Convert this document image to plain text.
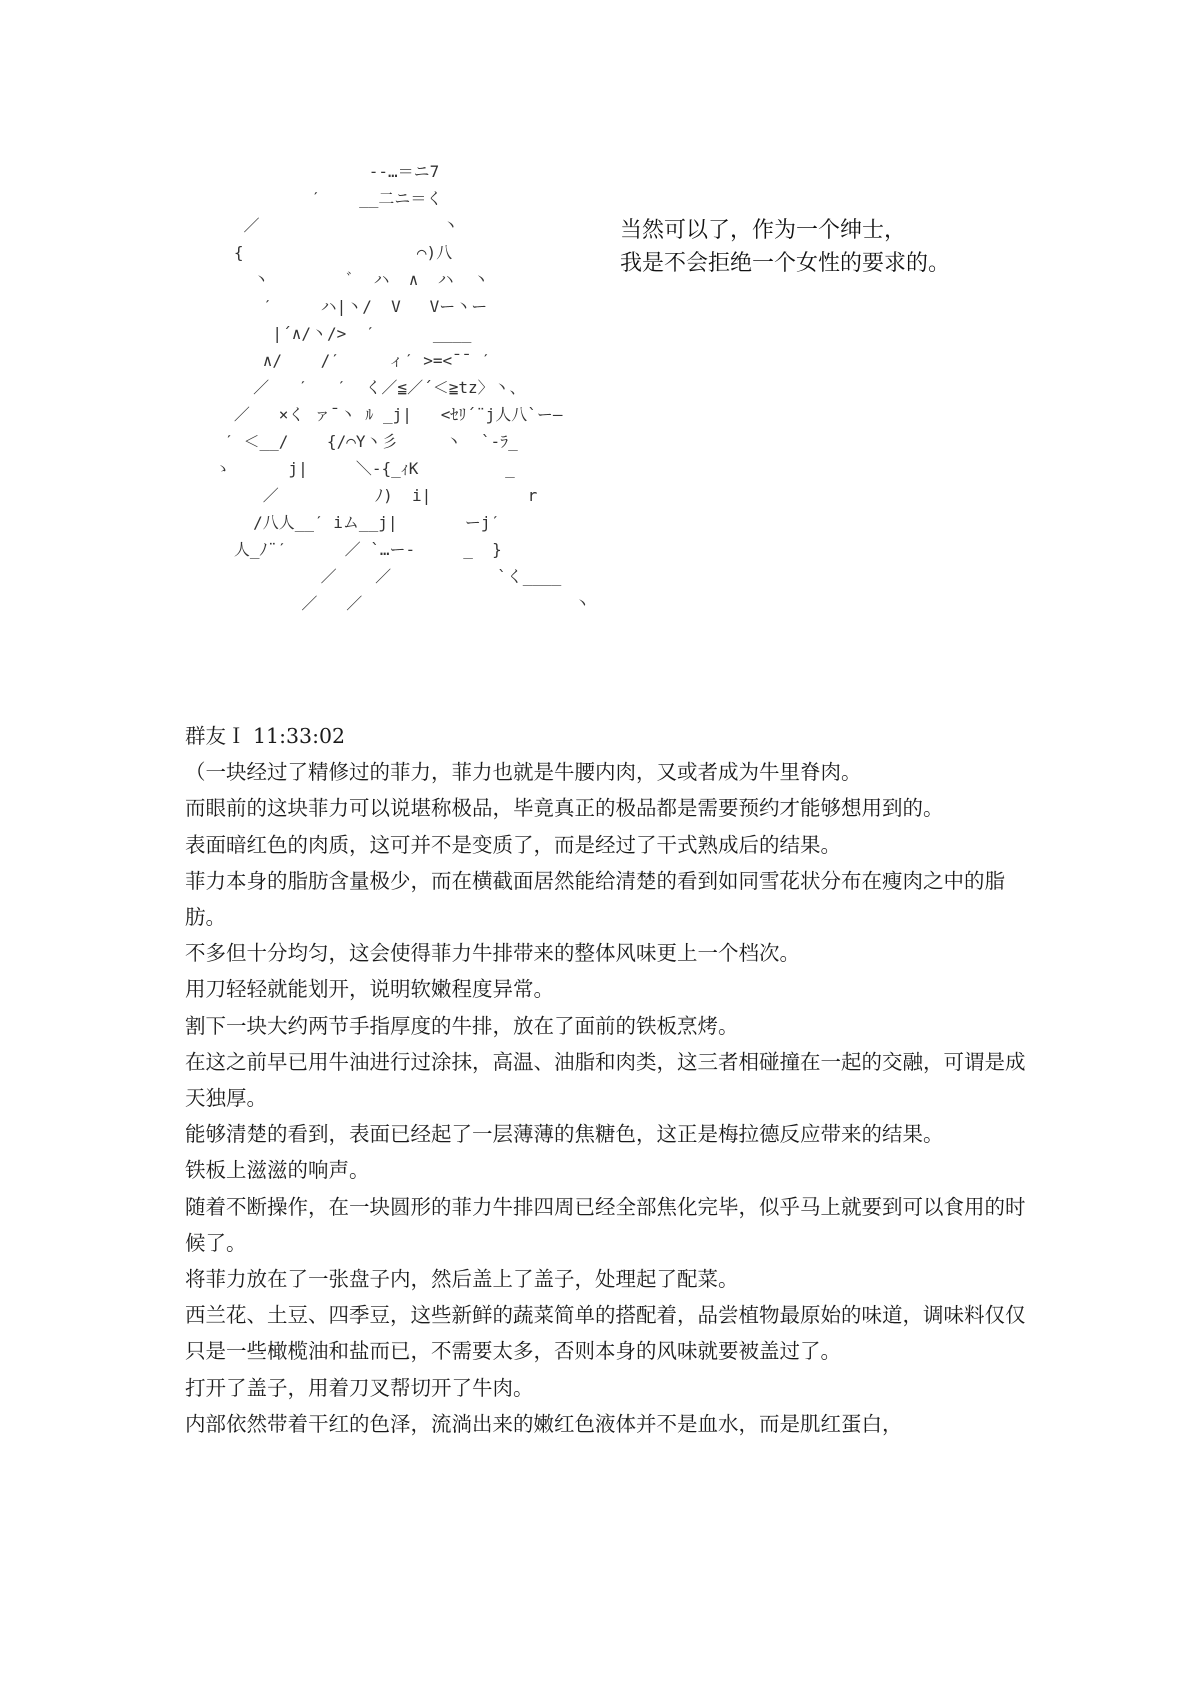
-‐…＝ニ7
ˊ    __二ニ＝く
／                   丶
{                  ⌒)八
丶        ﾞ  ハ  ∧  ハ  丶
ˊ     ハ|丶/  V   Vー丶ー
|´∧/丶/>  ˊ      ____
∧/    /ˊ     ィˊ >=<¯¯ ˊ
／   ˊ   ˊ  く／≦／´＜≧tz〉丶、
／   ×く ァ¯丶 ﾙ _j|   <ｾﾘ´¨j人八`ー―
ˊ ＜__/    {/⌒Y丶彡     丶  `-ﾗ_
ゝ      j|     ＼-{_ｨK         _
／          ﾉ)  i|          r
/八人__ˊ iム__j|       ーjˊ
人_ﾉ¨ˊ      ／ `…ー-     _  }
／    ／           `く____
／   ／                      丶
当然可以了，作为一个绅士，
我是不会拒绝一个女性的要求的。
群友Ｉ 11:33:02

（一块经过了精修过的菲力，菲力也就是牛腰内肉，又或者成为牛里脊肉。

而眼前的这块菲力可以说堪称极品，毕竟真正的极品都是需要预约才能够想用到的。

表面暗红色的肉质，这可并不是变质了，而是经过了干式熟成后的结果。

菲力本身的脂肪含量极少，而在横截面居然能给清楚的看到如同雪花状分布在瘦肉之中的脂肪。

不多但十分均匀，这会使得菲力牛排带来的整体风味更上一个档次。

用刀轻轻就能划开，说明软嫩程度异常。

割下一块大约两节手指厚度的牛排，放在了面前的铁板烹烤。

在这之前早已用牛油进行过涂抹，高温、油脂和肉类，这三者相碰撞在一起的交融，可谓是成天独厚。

能够清楚的看到，表面已经起了一层薄薄的焦糖色，这正是梅拉德反应带来的结果。

铁板上滋滋的响声。

随着不断操作，在一块圆形的菲力牛排四周已经全部焦化完毕，似乎马上就要到可以食用的时候了。

将菲力放在了一张盘子内，然后盖上了盖子，处理起了配菜。

西兰花、土豆、四季豆，这些新鲜的蔬菜简单的搭配着，品尝植物最原始的味道，调味料仅仅只是一些橄榄油和盐而已，不需要太多，否则本身的风味就要被盖过了。

打开了盖子，用着刀叉帮切开了牛肉。

内部依然带着干红的色泽，流淌出来的嫩红色液体并不是血水，而是肌红蛋白，
